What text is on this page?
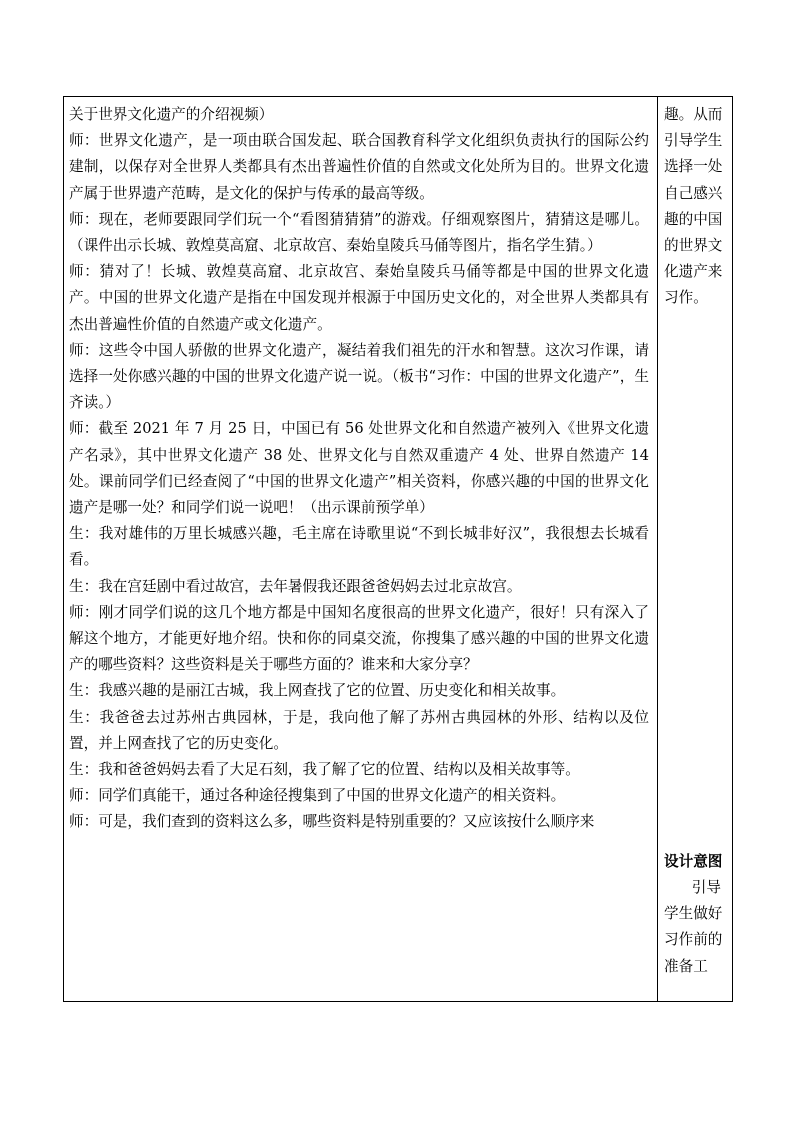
关于世界文化遗产的介绍视频）

师：世界文化遗产，是一项由联合国发起、联合国教育科学文化组织负责执行的国际公约建制，以保存对全世界人类都具有杰出普遍性价值的自然或文化处所为目的。世界文化遗产属于世界遗产范畴，是文化的保护与传承的最高等级。

师：现在，老师要跟同学们玩一个“看图猜猜猜”的游戏。仔细观察图片，猜猜这是哪儿。（课件出示长城、敦煌莫高窟、北京故宫、秦始皇陵兵马俑等图片，指名学生猜。）

师：猜对了！长城、敦煌莫高窟、北京故宫、秦始皇陵兵马俑等都是中国的世界文化遗产。中国的世界文化遗产是指在中国发现并根源于中国历史文化的，对全世界人类都具有杰出普遍性价值的自然遗产或文化遗产。

师：这些令中国人骄傲的世界文化遗产，凝结着我们祖先的汗水和智慧。这次习作课，请选择一处你感兴趣的中国的世界文化遗产说一说。（板书“习作：中国的世界文化遗产”，生齐读。）

师：截至 2021 年 7 月 25 日，中国已有 56 处世界文化和自然遗产被列入《世界文化遗产名录》，其中世界文化遗产 38 处、世界文化与自然双重遗产 4 处、世界自然遗产 14 处。课前同学们已经查阅了“中国的世界文化遗产”相关资料，你感兴趣的中国的世界文化遗产是哪一处？和同学们说一说吧！（出示课前预学单）

生：我对雄伟的万里长城感兴趣，毛主席在诗歌里说“不到长城非好汉”，我很想去长城看看。

生：我在宫廷剧中看过故宫，去年暑假我还跟爸爸妈妈去过北京故宫。

师：刚才同学们说的这几个地方都是中国知名度很高的世界文化遗产，很好！只有深入了解这个地方，才能更好地介绍。快和你的同桌交流，你搜集了感兴趣的中国的世界文化遗产的哪些资料？这些资料是关于哪些方面的？谁来和大家分享？

生：我感兴趣的是丽江古城，我上网查找了它的位置、历史变化和相关故事。

生：我爸爸去过苏州古典园林，于是，我向他了解了苏州古典园林的外形、结构以及位置，并上网查找了它的历史变化。

生：我和爸爸妈妈去看了大足石刻，我了解了它的位置、结构以及相关故事等。

师：同学们真能干，通过各种途径搜集到了中国的世界文化遗产的相关资料。

师：可是，我们查到的资料这么多，哪些资料是特别重要的？又应该按什么顺序来

趣。从而引导学生选择一处自己感兴趣的中国的世界文化遗产来习作。

设计意图

引导学生做好习作前的准备工
